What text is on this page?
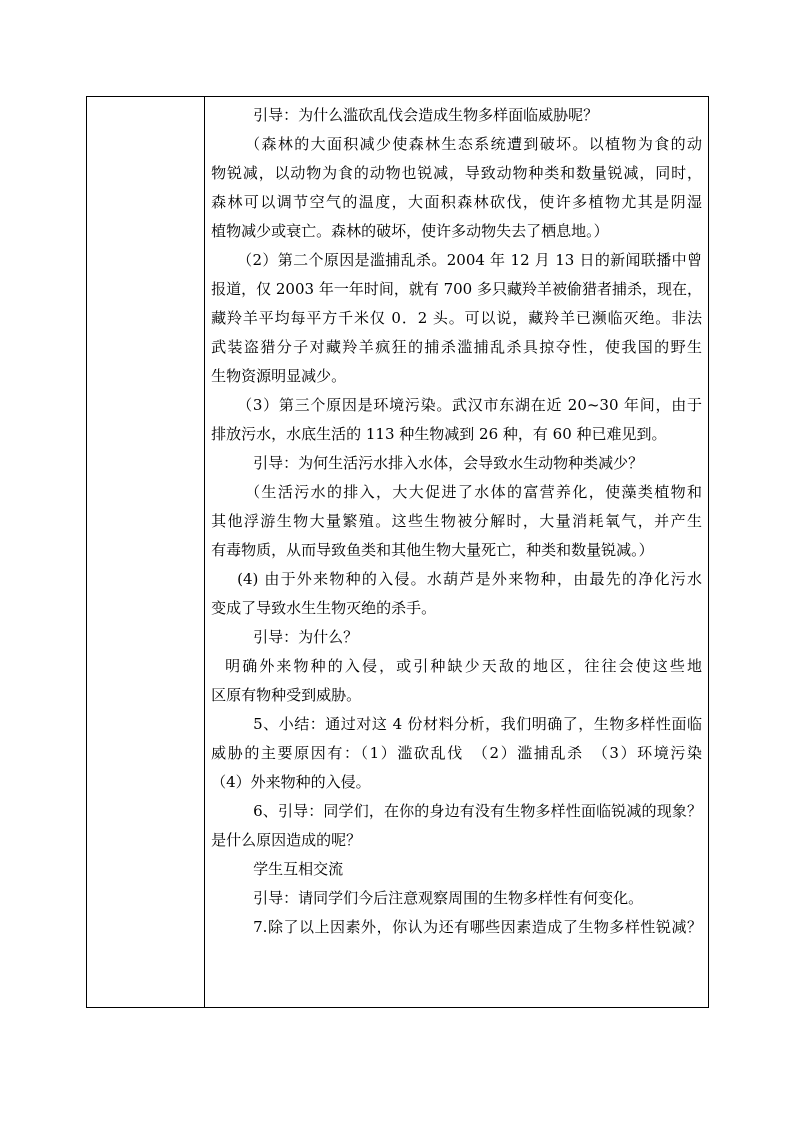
引导：为什么滥砍乱伐会造成生物多样面临威胁呢？
（森林的大面积减少使森林生态系统遭到破坏。以植物为食的动
物锐减，以动物为食的动物也锐减，导致动物种类和数量锐减，同时，
森林可以调节空气的温度，大面积森林砍伐，使许多植物尤其是阴湿
植物减少或衰亡。森林的破坏，使许多动物失去了栖息地。）
（2）第二个原因是滥捕乱杀。2004 年 12 月 13 日的新闻联播中曾
报道，仅 2003 年一年时间，就有 700 多只藏羚羊被偷猎者捕杀，现在，
藏羚羊平均每平方千米仅 0．2 头。可以说，藏羚羊已濒临灭绝。非法
武装盗猎分子对藏羚羊疯狂的捕杀滥捕乱杀具掠夺性，使我国的野生
生物资源明显减少。
（3）第三个原因是环境污染。武汉市东湖在近 20~30 年间，由于
排放污水，水底生活的 113 种生物减到 26 种，有 60 种已难见到。
引导：为何生活污水排入水体，会导致水生动物种类减少？
（生活污水的排入，大大促进了水体的富营养化，使藻类植物和
其他浮游生物大量繁殖。这些生物被分解时，大量消耗氧气，并产生
有毒物质，从而导致鱼类和其他生物大量死亡，种类和数量锐减。）
(4) 由于外来物种的入侵。水葫芦是外来物种，由最先的净化污水
变成了导致水生生物灭绝的杀手。
引导：为什么？
明确外来物种的入侵，或引种缺少天敌的地区，往往会使这些地
区原有物种受到威胁。
5、小结：通过对这 4 份材料分析，我们明确了，生物多样性面临
威胁的主要原因有：（1）滥砍乱伐　（2）滥捕乱杀　（3）环境污染
（4）外来物种的入侵。
6、引导：同学们，在你的身边有没有生物多样性面临锐减的现象？
是什么原因造成的呢？
学生互相交流
引导：请同学们今后注意观察周围的生物多样性有何变化。
7.除了以上因素外，你认为还有哪些因素造成了生物多样性锐减？
